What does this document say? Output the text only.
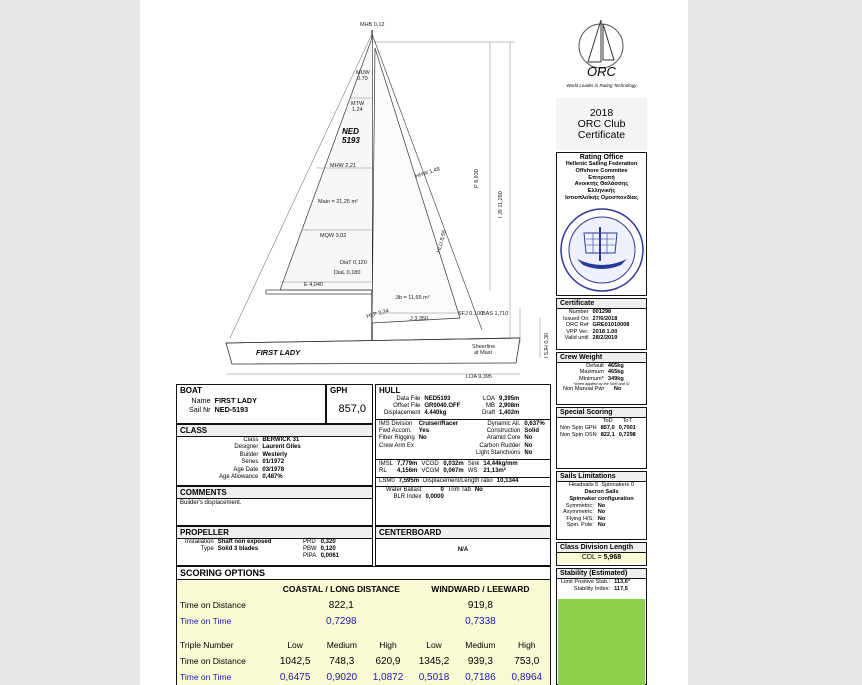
MHB 0,12
MUW
0.70
MTW
1.24
NED
5193
MHW 2,21
Main = 21,25 m²
MQW 3,02
HHW 1,48
HLU 8,55
P 8,930
I J9 11,280
DiaT 0,120
DiaL 0,180
E 4,040
Jib = 11,65 m²
HLP 3,34	J 3,350
SFJ 0,100
BAS 1,710
FIRST LADY
Sheerline
at Mast
LOA 9,395
I 5JH 0,30
ORC
World Leader in Rating Technology
2018
ORC Club
Certificate
Rating Office
Hellenic Sailing Federation
Offshore Commitee
Επιτροπή
Ανοικτής Θαλάσσης
Ελληνικής
Ιστιοπλοϊκής Ομοσπονδίας
Certificate
Number	001298
Issued On	27/6/2018
ORC Ref	GRE01010008
VPP Ver.	2018 1.00
Valid until	28/2/2019
Crew Weight
Default	465kg
Maximum	465kg
Minimum*	349kg
*when applied by the NoR and SI
Non Manual Pwr No
Special Scoring
	ToD	ToT
Non Spin GPH	857,0	0,7001
Non Spin OSN	822,1	0,7298
Sails Limitations
Headsails 5 Spinnakers 0
Dacron Sails
Spinnaker configuration
Symmetric:	No
Asymmetric:	No
Flying H/S:	No
Spin. Pole:	No
Class Division Length
CDL = 5,968
Stability (Estimated)
Limit Positive Stab.:	113,6°
Stability Index:	117,5
BOAT
Name	FIRST LADY
Sail Nr	NED-5193
GPH
857,0
CLASS
Class	BERWICK 31
Designer	Laurent Giles
Builder	Westerly
Series	01/1972
Age Date	03/1978
Age Allowance	0,487%
COMMENTS
Builder's displacement.
PROPELLER
Installation	Shaft non exposed
Type	Solid 3 blades
PRD	0,320
PBW	0,120
PIPA	0,0061
HULL
Data File	NED5193
Offset File	GR0040.OFF
Displacement	4.440kg
LOA	9,395m
MB	2,908m
Draft	1,402m
IMS Division	Cruiser/Racer
Fwd Accom.	Yes
Fiber Rigging	No
Crew Arm Ex	
Dynamic All.	0,637%
Construction	Solid
Aramid Core	No
Carbon Rudder	No
Light Stanchions	No
IMSL	7,779m	VCGD	0,032m	Sink	14,44kg/mm
RL	4,156m	VCGM	0,067m	WS	21,13m²
LSM0	7,595m	Displacement/Length ratio	10,1344
Water Ballast	0	Trim Tab	No
BLR Index	0,0000		
CENTERBOARD
N/A
SCORING OPTIONS
	COASTAL / LONG DISTANCE			WINDWARD / LEEWARD		
Time on Distance	822,1			919,8		
Time on Time	0,7298			0,7338		

Triple Number	Low	Medium	High	Low	Medium	High
Time on Distance	1042,5	748,3	620,9	1345,2	939,3	753,0
Time on Time	0,6475	0,9020	1,0872	0,5018	0,7186	0,8964
